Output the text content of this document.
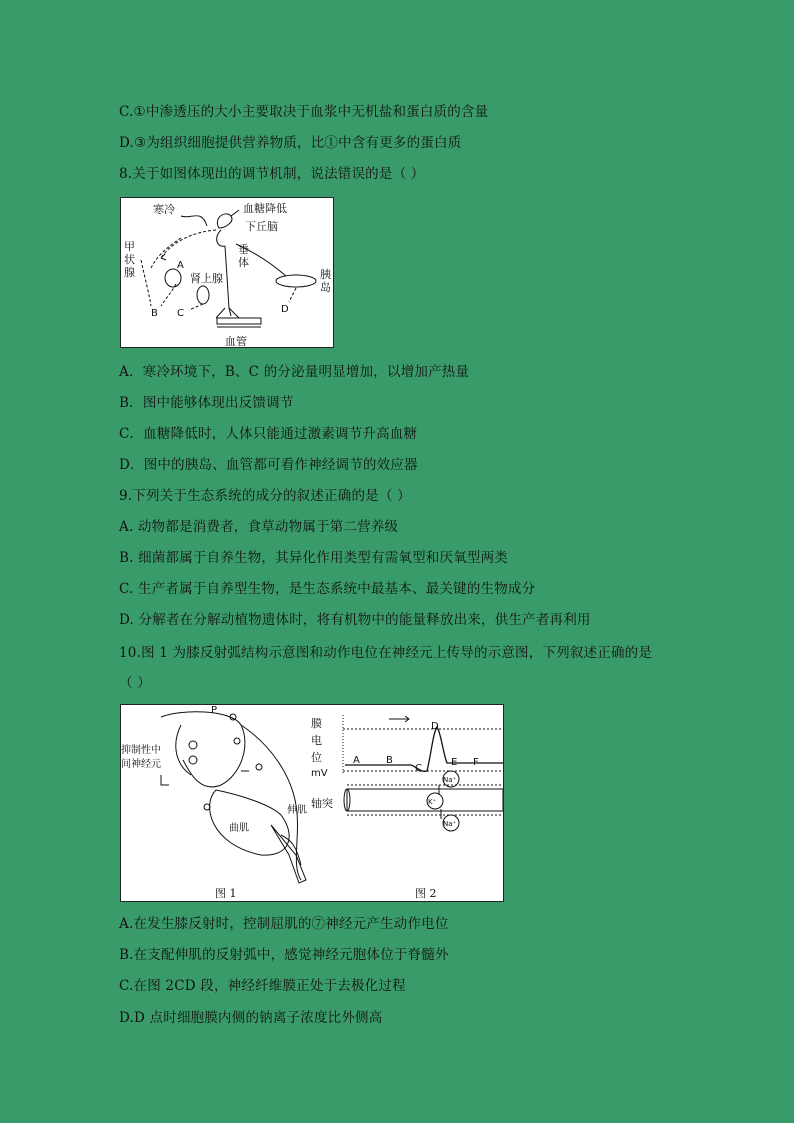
C.①中渗透压的大小主要取决于血浆中无机盐和蛋白质的含量
D.③为组织细胞提供营养物质，比①中含有更多的蛋白质
8.关于如图体现出的调节机制，说法错误的是（ ）
寒冷	血糖降低
下丘脑
垂
体
肾上腺
甲
状
腺	胰
岛
血管
A
B C	D
A．寒冷环境下，B、C 的分泌量明显增加，以增加产热量
B．图中能够体现出反馈调节
C．血糖降低时，人体只能通过激素调节升高血糖
D．图中的胰岛、血管都可看作神经调节的效应器
9.下列关于生态系统的成分的叙述正确的是（ ）
A. 动物都是消费者，食草动物属于第二营养级
B. 细菌都属于自养生物，其异化作用类型有需氧型和厌氧型两类
C. 生产者属于自养型生物，是生态系统中最基本、最关键的生物成分
D. 分解者在分解动植物遗体时，将有机物中的能量释放出来，供生产者再利用
10.图 1 为膝反射弧结构示意图和动作电位在神经元上传导的示意图，下列叙述正确的是
（ ）
抑制性中
间神经元
P
曲肌
伸肌
图 1
膜
电
位
mV
轴突
A	B
C
D
E F
图 2
Na⁺
K⁺
Na⁺
A.在发生膝反射时，控制屈肌的⑦神经元产生动作电位
B.在支配伸肌的反射弧中，感觉神经元胞体位于脊髓外
C.在图 2CD 段，神经纤维膜正处于去极化过程
D.D 点时细胞膜内侧的钠离子浓度比外侧高
